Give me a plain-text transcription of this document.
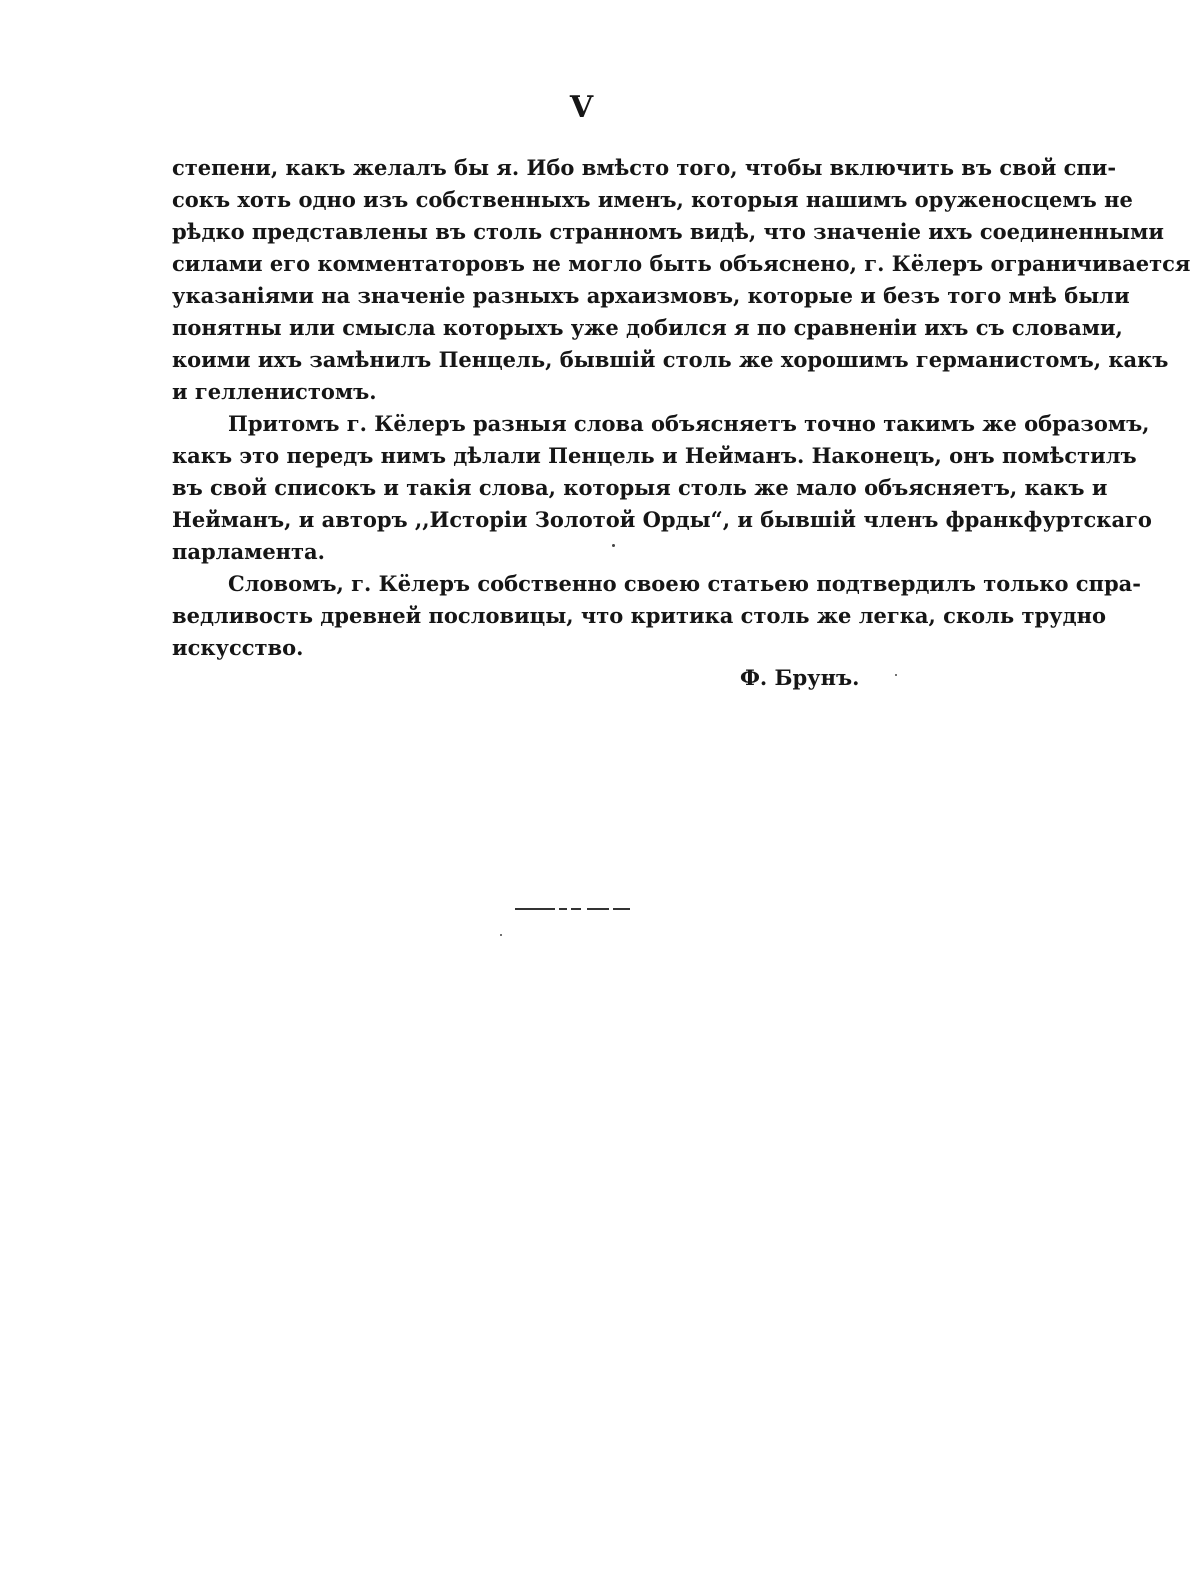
V
степени, какъ желалъ бы я. Ибо вмѣсто того, чтобы включить въ свой спи-
сокъ хоть одно изъ собственныхъ именъ, которыя нашимъ оруженосцемъ не
рѣдко представлены въ столь странномъ видѣ, что значенiе ихъ соединенными
силами его комментаторовъ не могло быть объяснено, г. Кёлеръ ограничивается
указанiями на значенiе разныхъ архаизмовъ, которые и безъ того мнѣ были
понятны или смысла которыхъ уже добился я по сравненiи ихъ съ словами,
коими ихъ замѣнилъ Пенцель, бывшiй столь же хорошимъ германистомъ, какъ
и гелленистомъ.
Притомъ г. Кёлеръ разныя слова объясняетъ точно такимъ же образомъ,
какъ это передъ нимъ дѣлали Пенцель и Нейманъ. Наконецъ, онъ помѣстилъ
въ свой списокъ и такiя слова, которыя столь же мало объясняетъ, какъ и
Нейманъ, и авторъ ,,Исторiи Золотой Орды“, и бывшiй членъ франкфуртскаго
парламента.
Словомъ, г. Кёлеръ собственно своею статьею подтвердилъ только спра-
ведливость древней пословицы, что критика столь же легка, сколь трудно
искусство.
Ф. Брунъ.
